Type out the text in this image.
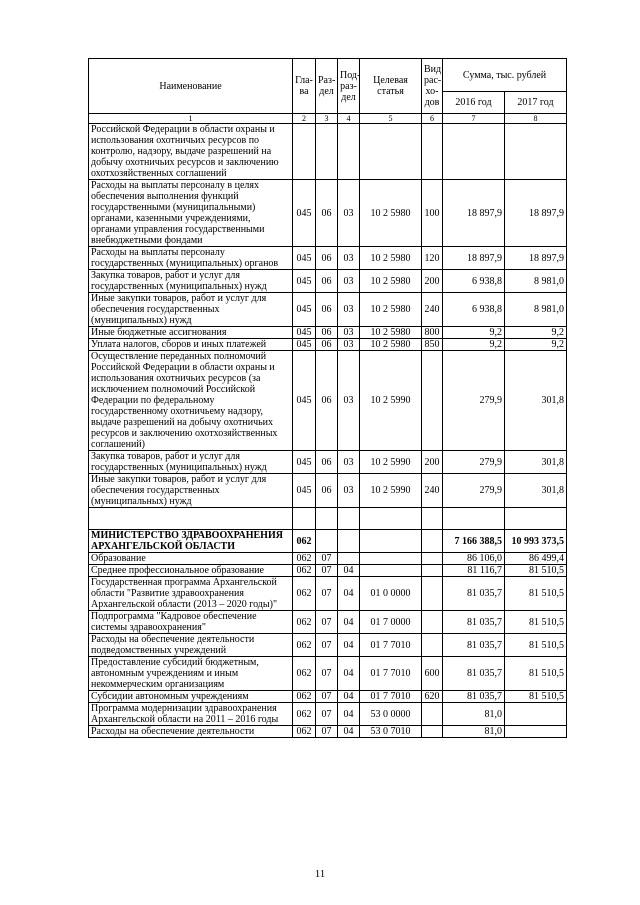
Наименование	Гла-ва	Раз-дел	Под-раз-дел	Целевая статья	Вид рас-хо-дов	Сумма, тыс. рублей	
						2016 год	2017 год
1	2	3	4	5	6	7	8
Российской Федерации в области охраны и использования охотничьих ресурсов по контролю, надзору, выдаче разрешений на добычу охотничьих ресурсов и заключению охотхозяйственных соглашений							
Расходы на выплаты персоналу в целях обеспечения выполнения функций государственными (муниципальными) органами, казенными учреждениями, органами управления государственными внебюджетными фондами	045	06	03	10 2 5980	100	18 897,9	18 897,9
Расходы на выплаты персоналу государственных (муниципальных) органов	045	06	03	10 2 5980	120	18 897,9	18 897,9
Закупка товаров, работ и услуг для государственных (муниципальных) нужд	045	06	03	10 2 5980	200	6 938,8	8 981,0
Иные закупки товаров, работ и услуг для обеспечения государственных (муниципальных) нужд	045	06	03	10 2 5980	240	6 938,8	8 981,0
Иные бюджетные ассигнования	045	06	03	10 2 5980	800	9,2	9,2
Уплата налогов, сборов и иных платежей	045	06	03	10 2 5980	850	9,2	9,2
Осуществление переданных полномочий Российской Федерации в области охраны и использования охотничьих ресурсов (за исключением полномочий Российской Федерации по федеральному государственному охотничьему надзору, выдаче разрешений на добычу охотничьих ресурсов и заключению охотхозяйственных соглашений)	045	06	03	10 2 5990		279,9	301,8
Закупка товаров, работ и услуг для государственных (муниципальных) нужд	045	06	03	10 2 5990	200	279,9	301,8
Иные закупки товаров, работ и услуг для обеспечения государственных (муниципальных) нужд	045	06	03	10 2 5990	240	279,9	301,8

МИНИСТЕРСТВО ЗДРАВООХРАНЕНИЯ АРХАНГЕЛЬСКОЙ ОБЛАСТИ	062					7 166 388,5	10 993 373,5
Образование	062	07				86 106,0	86 499,4
Среднее профессиональное образование	062	07	04			81 116,7	81 510,5
Государственная программа Архангельской области "Развитие здравоохранения Архангельской области (2013 – 2020 годы)"	062	07	04	01 0 0000		81 035,7	81 510,5
Подпрограмма "Кадровое обеспечение системы здравоохранения"	062	07	04	01 7 0000		81 035,7	81 510,5
Расходы на обеспечение деятельности подведомственных учреждений	062	07	04	01 7 7010		81 035,7	81 510,5
Предоставление субсидий бюджетным, автономным учреждениям и иным некоммерческим организациям	062	07	04	01 7 7010	600	81 035,7	81 510,5
Субсидии автономным учреждениям	062	07	04	01 7 7010	620	81 035,7	81 510,5
Программа модернизации здравоохранения Архангельской области на 2011 – 2016 годы	062	07	04	53 0 0000		81,0	
Расходы на обеспечение деятельности	062	07	04	53 0 7010		81,0	
11
